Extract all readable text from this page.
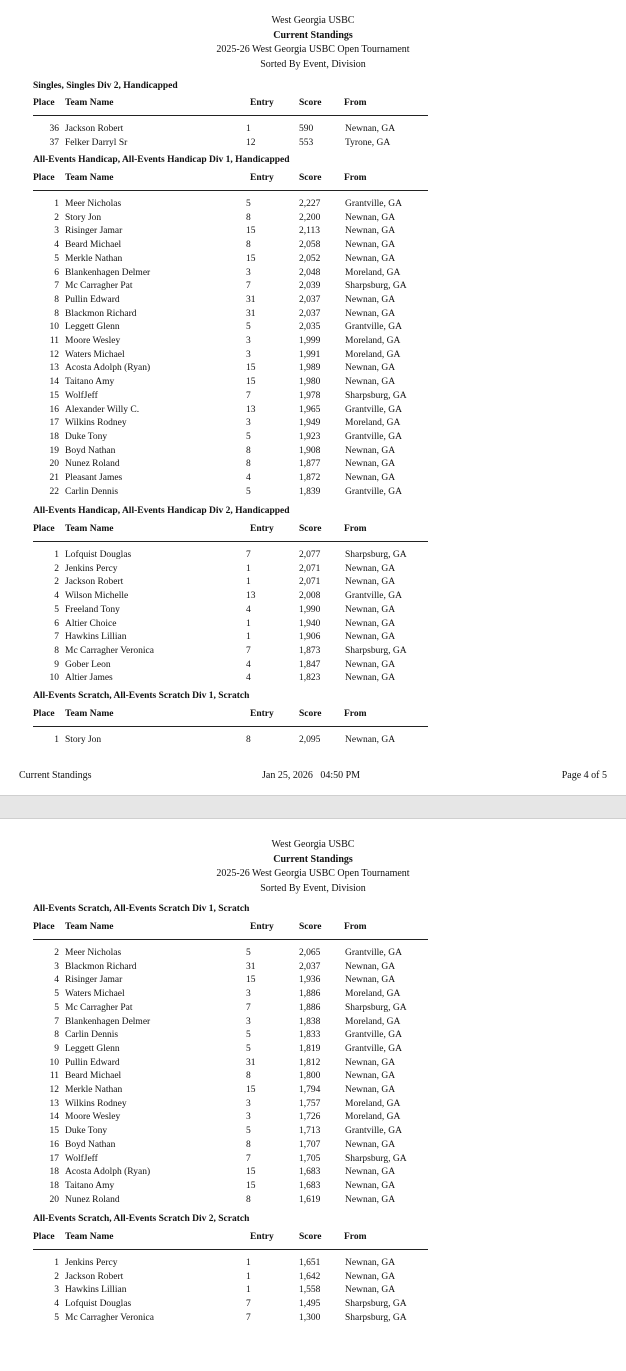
West Georgia USBC
Current Standings
2025-26 West Georgia USBC Open Tournament
Sorted By Event, Division
Singles, Singles Div 2, Handicapped
Place Team Name	Entry	Score From
36 Jackson Robert	1	590	Newnan, GA
37 Felker Darryl Sr	12	553	Tyrone, GA
All-Events Handicap, All-Events Handicap Div 1, Handicapped
Place Team Name	Entry	Score From
1 Meer Nicholas	5	2,227	Grantville, GA
2 Story Jon	8	2,200	Newnan, GA
3 Risinger Jamar	15	2,113	Newnan, GA
4 Beard Michael	8	2,058	Newnan, GA
5 Merkle Nathan	15	2,052	Newnan, GA
6 Blankenhagen Delmer	3	2,048	Moreland, GA
7 Mc Carragher Pat	7	2,039	Sharpsburg, GA
8 Pullin Edward	31	2,037	Newnan, GA
8 Blackmon Richard	31	2,037	Newnan, GA
10 Leggett Glenn	5	2,035	Grantville, GA
11 Moore Wesley	3	1,999	Moreland, GA
12 Waters Michael	3	1,991	Moreland, GA
13 Acosta Adolph (Ryan)	15	1,989	Newnan, GA
14 Taitano Amy	15	1,980	Newnan, GA
15 WolfJeff	7	1,978	Sharpsburg, GA
16 Alexander Willy C.	13	1,965	Grantville, GA
17 Wilkins Rodney	3	1,949	Moreland, GA
18 Duke Tony	5	1,923	Grantville, GA
19 Boyd Nathan	8	1,908	Newnan, GA
20 Nunez Roland	8	1,877	Newnan, GA
21 Pleasant James	4	1,872	Newnan, GA
22 Carlin Dennis	5	1,839	Grantville, GA
All-Events Handicap, All-Events Handicap Div 2, Handicapped
Place Team Name	Entry	Score From
1 Lofquist Douglas	7	2,077	Sharpsburg, GA
2 Jenkins Percy	1	2,071	Newnan, GA
2 Jackson Robert	1	2,071	Newnan, GA
4 Wilson Michelle	13	2,008	Grantville, GA
5 Freeland Tony	4	1,990	Newnan, GA
6 Altier Choice	1	1,940	Newnan, GA
7 Hawkins Lillian	1	1,906	Newnan, GA
8 Mc Carragher Veronica	7	1,873	Sharpsburg, GA
9 Gober Leon	4	1,847	Newnan, GA
10 Altier James	4	1,823	Newnan, GA
All-Events Scratch, All-Events Scratch Div 1, Scratch
Place Team Name	Entry	Score From
1 Story Jon	8	2,095	Newnan, GA
Current Standings	Jan 25, 2026   04:50 PM	Page 4 of 5
West Georgia USBC
Current Standings
2025-26 West Georgia USBC Open Tournament
Sorted By Event, Division
All-Events Scratch, All-Events Scratch Div 1, Scratch
Place Team Name	Entry	Score From
2 Meer Nicholas	5	2,065	Grantville, GA
3 Blackmon Richard	31	2,037	Newnan, GA
4 Risinger Jamar	15	1,936	Newnan, GA
5 Waters Michael	3	1,886	Moreland, GA
5 Mc Carragher Pat	7	1,886	Sharpsburg, GA
7 Blankenhagen Delmer	3	1,838	Moreland, GA
8 Carlin Dennis	5	1,833	Grantville, GA
9 Leggett Glenn	5	1,819	Grantville, GA
10 Pullin Edward	31	1,812	Newnan, GA
11 Beard Michael	8	1,800	Newnan, GA
12 Merkle Nathan	15	1,794	Newnan, GA
13 Wilkins Rodney	3	1,757	Moreland, GA
14 Moore Wesley	3	1,726	Moreland, GA
15 Duke Tony	5	1,713	Grantville, GA
16 Boyd Nathan	8	1,707	Newnan, GA
17 WolfJeff	7	1,705	Sharpsburg, GA
18 Acosta Adolph (Ryan)	15	1,683	Newnan, GA
18 Taitano Amy	15	1,683	Newnan, GA
20 Nunez Roland	8	1,619	Newnan, GA
All-Events Scratch, All-Events Scratch Div 2, Scratch
Place Team Name	Entry	Score From
1 Jenkins Percy	1	1,651	Newnan, GA
2 Jackson Robert	1	1,642	Newnan, GA
3 Hawkins Lillian	1	1,558	Newnan, GA
4 Lofquist Douglas	7	1,495	Sharpsburg, GA
5 Mc Carragher Veronica	7	1,300	Sharpsburg, GA
